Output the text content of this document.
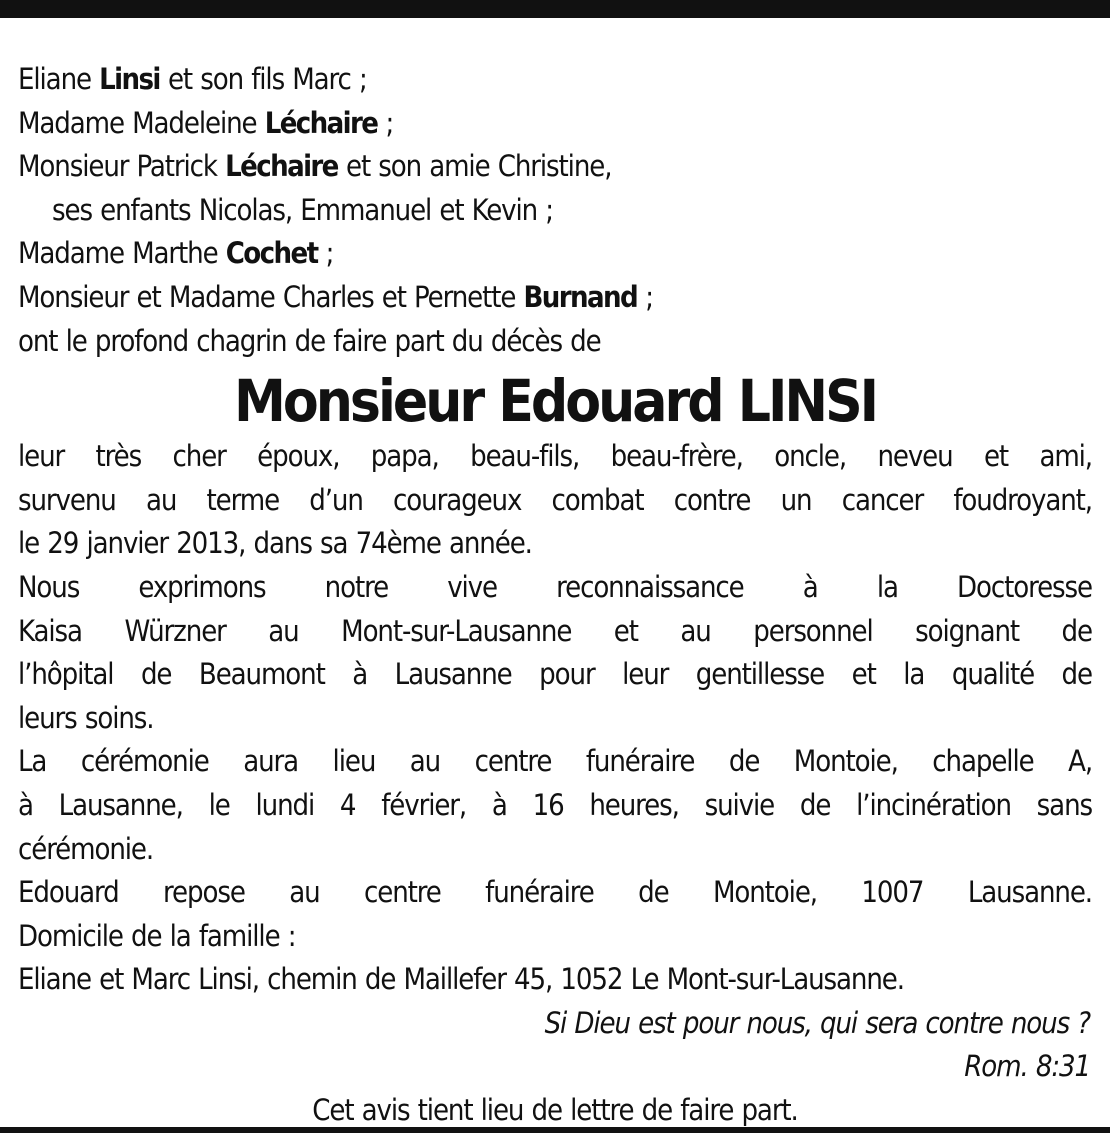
Eliane Linsi et son fils Marc ;
Madame Madeleine Léchaire ;
Monsieur Patrick Léchaire et son amie Christine,
ses enfants Nicolas, Emmanuel et Kevin ;
Madame Marthe Cochet ;
Monsieur et Madame Charles et Pernette Burnand ;
ont le profond chagrin de faire part du décès de
Monsieur Edouard LINSI

leur très cher époux, papa, beau-fils, beau-frère, oncle, neveu et ami,
survenu au terme d’un courageux combat contre un cancer foudroyant,
le 29 janvier 2013, dans sa 74ème année.

Nous exprimons notre vive reconnaissance à la Doctoresse
Kaisa Würzner au Mont-sur-Lausanne et au personnel soignant de
l’hôpital de Beaumont à Lausanne pour leur gentillesse et la qualité de
leurs soins.

La cérémonie aura lieu au centre funéraire de Montoie, chapelle A,
à Lausanne, le lundi 4 février, à 16 heures, suivie de l’incinération sans
cérémonie.

Edouard repose au centre funéraire de Montoie, 1007 Lausanne.
Domicile de la famille :
Eliane et Marc Linsi, chemin de Maillefer 45, 1052 Le Mont-sur-Lausanne.

Si Dieu est pour nous, qui sera contre nous ?
Rom. 8:31
Cet avis tient lieu de lettre de faire part.
